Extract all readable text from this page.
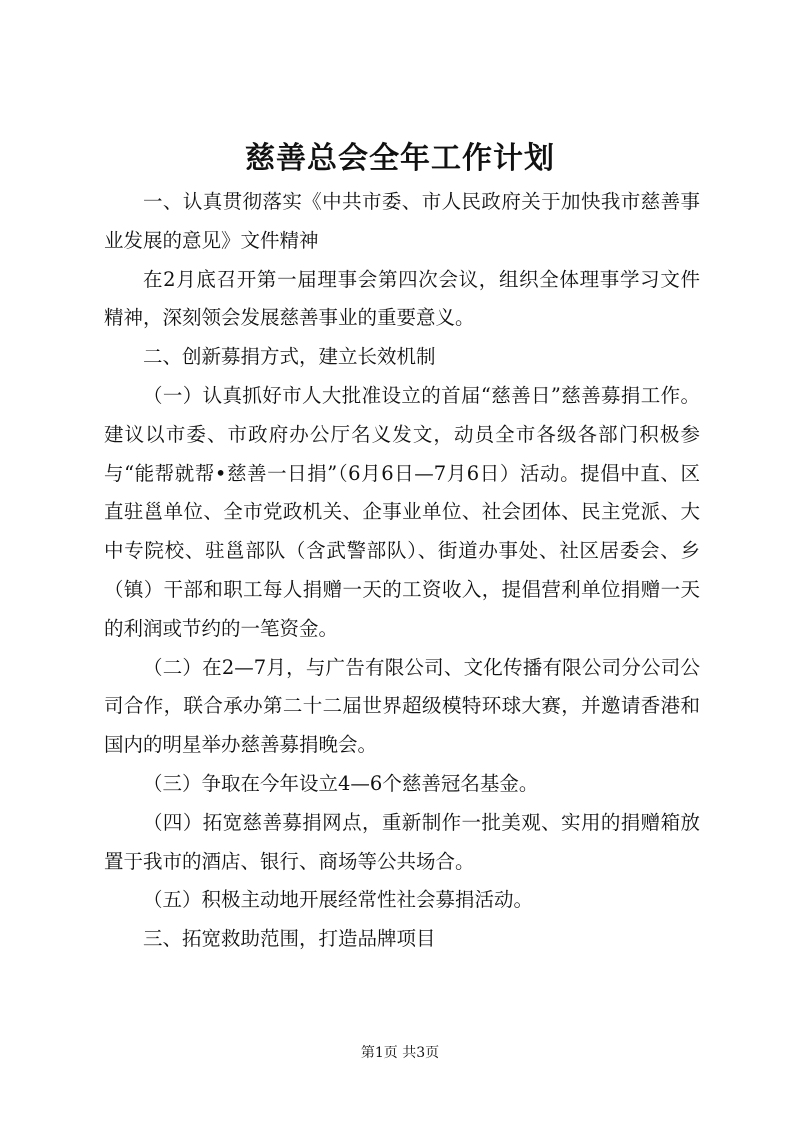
慈善总会全年工作计划

一、认真贯彻落实《中共市委、市人民政府关于加快我市慈善事业发展的意见》文件精神

在2月底召开第一届理事会第四次会议，组织全体理事学习文件精神，深刻领会发展慈善事业的重要意义。

二、创新募捐方式，建立长效机制

（一）认真抓好市人大批准设立的首届“慈善日”慈善募捐工作。建议以市委、市政府办公厅名义发文，动员全市各级各部门积极参与“能帮就帮•慈善一日捐”（6月6日—7月6日）活动。提倡中直、区直驻邕单位、全市党政机关、企事业单位、社会团体、民主党派、大中专院校、驻邕部队（含武警部队）、街道办事处、社区居委会、乡（镇）干部和职工每人捐赠一天的工资收入，提倡营利单位捐赠一天的利润或节约的一笔资金。

（二）在2—7月，与广告有限公司、文化传播有限公司分公司公司合作，联合承办第二十二届世界超级模特环球大赛，并邀请香港和国内的明星举办慈善募捐晚会。

（三）争取在今年设立4—6个慈善冠名基金。

（四）拓宽慈善募捐网点，重新制作一批美观、实用的捐赠箱放置于我市的酒店、银行、商场等公共场合。

（五）积极主动地开展经常性社会募捐活动。

三、拓宽救助范围，打造品牌项目

第1页 共3页
